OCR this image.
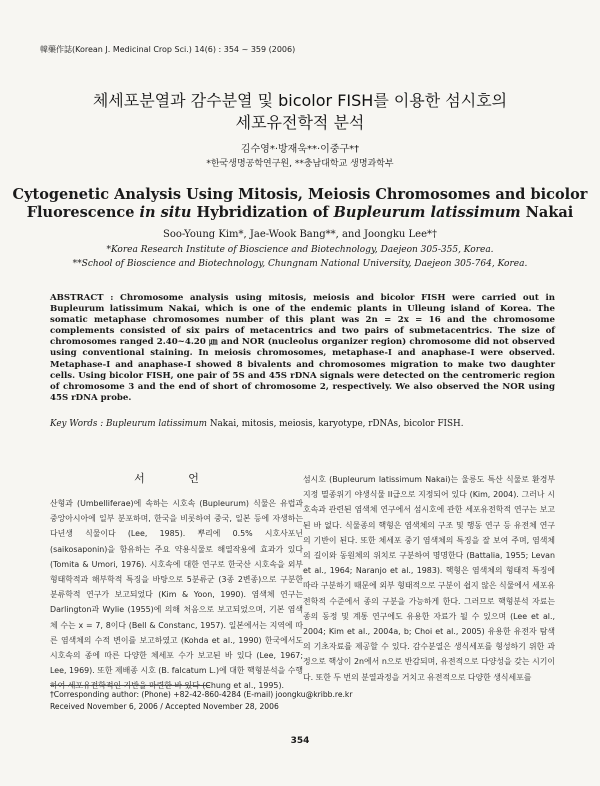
韓藥作誌(Korean J. Medicinal Crop Sci.) 14(6) : 354 ~ 359 (2006)
체세포분열과 감수분열 및 bicolor FISH를 이용한 섬시호의
세포유전학적 분석
김수영*·방재욱**·이중구*†
*한국생명공학연구원, **충남대학교 생명과학부
Cytogenetic Analysis Using Mitosis, Meiosis Chromosomes and bicolor
Fluorescence in situ Hybridization of Bupleurum latissimum Nakai
Soo-Young Kim*, Jae-Wook Bang**, and Joongku Lee*†
*Korea Research Institute of Bioscience and Biotechnology, Daejeon 305-355, Korea.
**School of Bioscience and Biotechnology, Chungnam National University, Daejeon 305-764, Korea.
ABSTRACT : Chromosome analysis using mitosis, meiosis and bicolor FISH were carried out in Bupleurum latissimum Nakai, which is one of the endemic plants in Ulleung island of Korea. The somatic metaphase chromosomes number of this plant was 2n = 2x = 16 and the chromosome complements consisted of six pairs of metacentrics and two pairs of submetacentrics. The size of chromosomes ranged 2.40~4.20 ㎛ and NOR (nucleolus organizer region) chromosome did not observed using conventional staining. In meiosis chromosomes, metaphase-I and anaphase-I were observed. Metaphase-I and anaphase-I showed 8 bivalents and chromosomes migration to make two daughter cells. Using bicolor FISH, one pair of 5S and 45S rDNA signals were detected on the centromeric region of chromosome 3 and the end of short of chromosome 2, respectively. We also observed the NOR using 45S rDNA probe.
Key Words : Bupleurum latissimum Nakai, mitosis, meiosis, karyotype, rDNAs, bicolor FISH.
서 언
산형과 (Umbelliferae)에 속하는 시호속 (Bupleurum) 식물은 유럽과 중앙아시아에 일부 분포하며, 한국을 비롯하여 중국, 일본 등에 자생하는 다년생 식물이다 (Lee, 1985). 뿌리에 0.5% 시호사포닌 (saikosaponin)을 함유하는 주요 약용식물로 해열작용에 효과가 있다 (Tomita & Umori, 1976). 시호속에 대한 연구로 한국산 시호속을 외부형태학적과 해부학적 특징을 바탕으로 5분류군 (3종 2변종)으로 구분한 분류학적 연구가 보고되었다 (Kim & Yoon, 1990). 염색체 연구는 Darlington과 Wylie (1955)에 의해 처음으로 보고되었으며, 기본 염색체 수는 x = 7, 8이다 (Bell & Constanc, 1957). 일본에서는 지역에 따른 염색체의 수적 변이를 보고하였고 (Kohda et al., 1990) 한국에서도 시호속의 종에 따른 다양한 체세포 수가 보고된 바 있다 (Lee, 1967; Lee, 1969). 또한 제배종 시호 (B. falcatum L.)에 대한 핵형분석을 수행하여 세포유전학적인 기반을 마련한 바 있다 (Chung et al., 1995).
섬시호 (Bupleurum latissimum Nakai)는 울릉도 특산 식물로 환경부 지정 멸종위기 야생식물 II급으로 지정되어 있다 (Kim, 2004). 그러나 시호속과 관련된 염색체 연구에서 섬시호에 관한 세포유전학적 연구는 보고된 바 없다. 식물종의 핵형은 염색체의 구조 및 행동 연구 등 유전체 연구의 기반이 된다. 또한 체세포 중기 염색체의 특징을 잘 보여 주며, 염색체의 길이와 동원체의 위치로 구분하여 명명한다 (Battalia, 1955; Levan et al., 1964; Naranjo et al., 1983). 핵형은 염색체의 형태적 특징에 따라 구분하기 때문에 외부 형태적으로 구분이 쉽지 않은 식물에서 세포유전학적 수준에서 종의 구분을 가능하게 한다. 그러므로 핵형분석 자료는 종의 동정 및 계통 연구에도 유용한 자료가 될 수 있으며 (Lee et al., 2004; Kim et al., 2004a, b; Choi et al., 2005) 유용한 유전자 탐색의 기초자료를 제공할 수 있다. 감수분열은 생식세포를 형성하기 위한 과정으로 핵상이 2n에서 n으로 반감되며, 유전적으로 다양성을 갖는 시기이다. 또한 두 번의 분열과정을 거치고 유전적으로 다양한 생식세포를
†Corresponding author: (Phone) +82-42-860-4284 (E-mail) joongku@kribb.re.kr
Received November 6, 2006 / Accepted November 28, 2006
354
